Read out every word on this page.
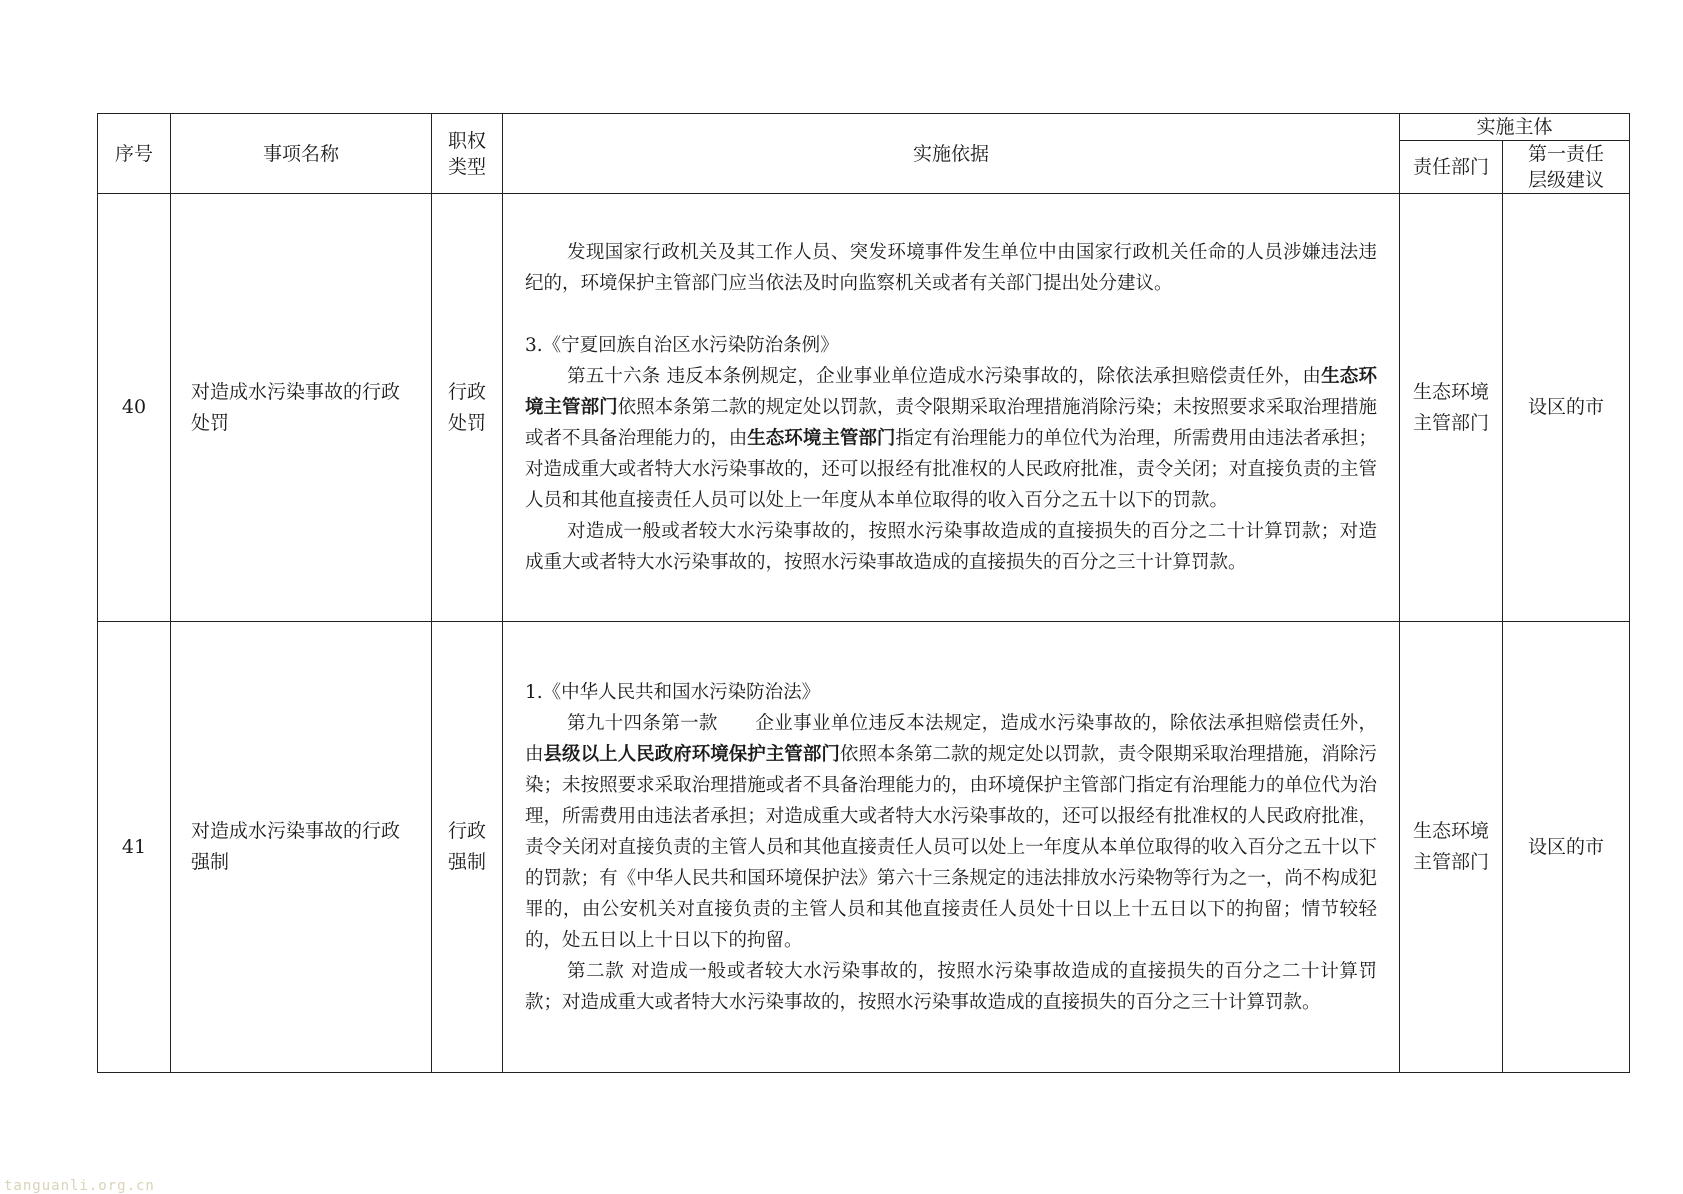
序号	事项名称	职权类型	实施依据	实施主体	
				责任部门	第一责任层级建议
40	对造成水污染事故的行政处罚	行政处罚	发现国家行政机关及其工作人员、突发环境事件发生单位中由国家行政机关任命的人员涉嫌违法违纪的，环境保护主管部门应当依法及时向监察机关或者有关部门提出处分建议。

3.《宁夏回族自治区水污染防治条例》

第五十六条 违反本条例规定，企业事业单位造成水污染事故的，除依法承担赔偿责任外，由生态环境主管部门依照本条第二款的规定处以罚款，责令限期采取治理措施消除污染；未按照要求采取治理措施或者不具备治理能力的，由生态环境主管部门指定有治理能力的单位代为治理，所需费用由违法者承担；对造成重大或者特大水污染事故的，还可以报经有批准权的人民政府批准，责令关闭；对直接负责的主管人员和其他直接责任人员可以处上一年度从本单位取得的收入百分之五十以下的罚款。

对造成一般或者较大水污染事故的，按照水污染事故造成的直接损失的百分之二十计算罚款；对造成重大或者特大水污染事故的，按照水污染事故造成的直接损失的百分之三十计算罚款。	生态环境主管部门	设区的市
41	对造成水污染事故的行政强制	行政强制	1.《中华人民共和国水污染防治法》

第九十四条第一款　　企业事业单位违反本法规定，造成水污染事故的，除依法承担赔偿责任外，由县级以上人民政府环境保护主管部门依照本条第二款的规定处以罚款，责令限期采取治理措施，消除污染；未按照要求采取治理措施或者不具备治理能力的，由环境保护主管部门指定有治理能力的单位代为治理，所需费用由违法者承担；对造成重大或者特大水污染事故的，还可以报经有批准权的人民政府批准，责令关闭对直接负责的主管人员和其他直接责任人员可以处上一年度从本单位取得的收入百分之五十以下的罚款；有《中华人民共和国环境保护法》第六十三条规定的违法排放水污染物等行为之一，尚不构成犯罪的，由公安机关对直接负责的主管人员和其他直接责任人员处十日以上十五日以下的拘留；情节较轻的，处五日以上十日以下的拘留。

第二款 对造成一般或者较大水污染事故的，按照水污染事故造成的直接损失的百分之二十计算罚款；对造成重大或者特大水污染事故的，按照水污染事故造成的直接损失的百分之三十计算罚款。	生态环境主管部门	设区的市
tanguanli.org.cn
